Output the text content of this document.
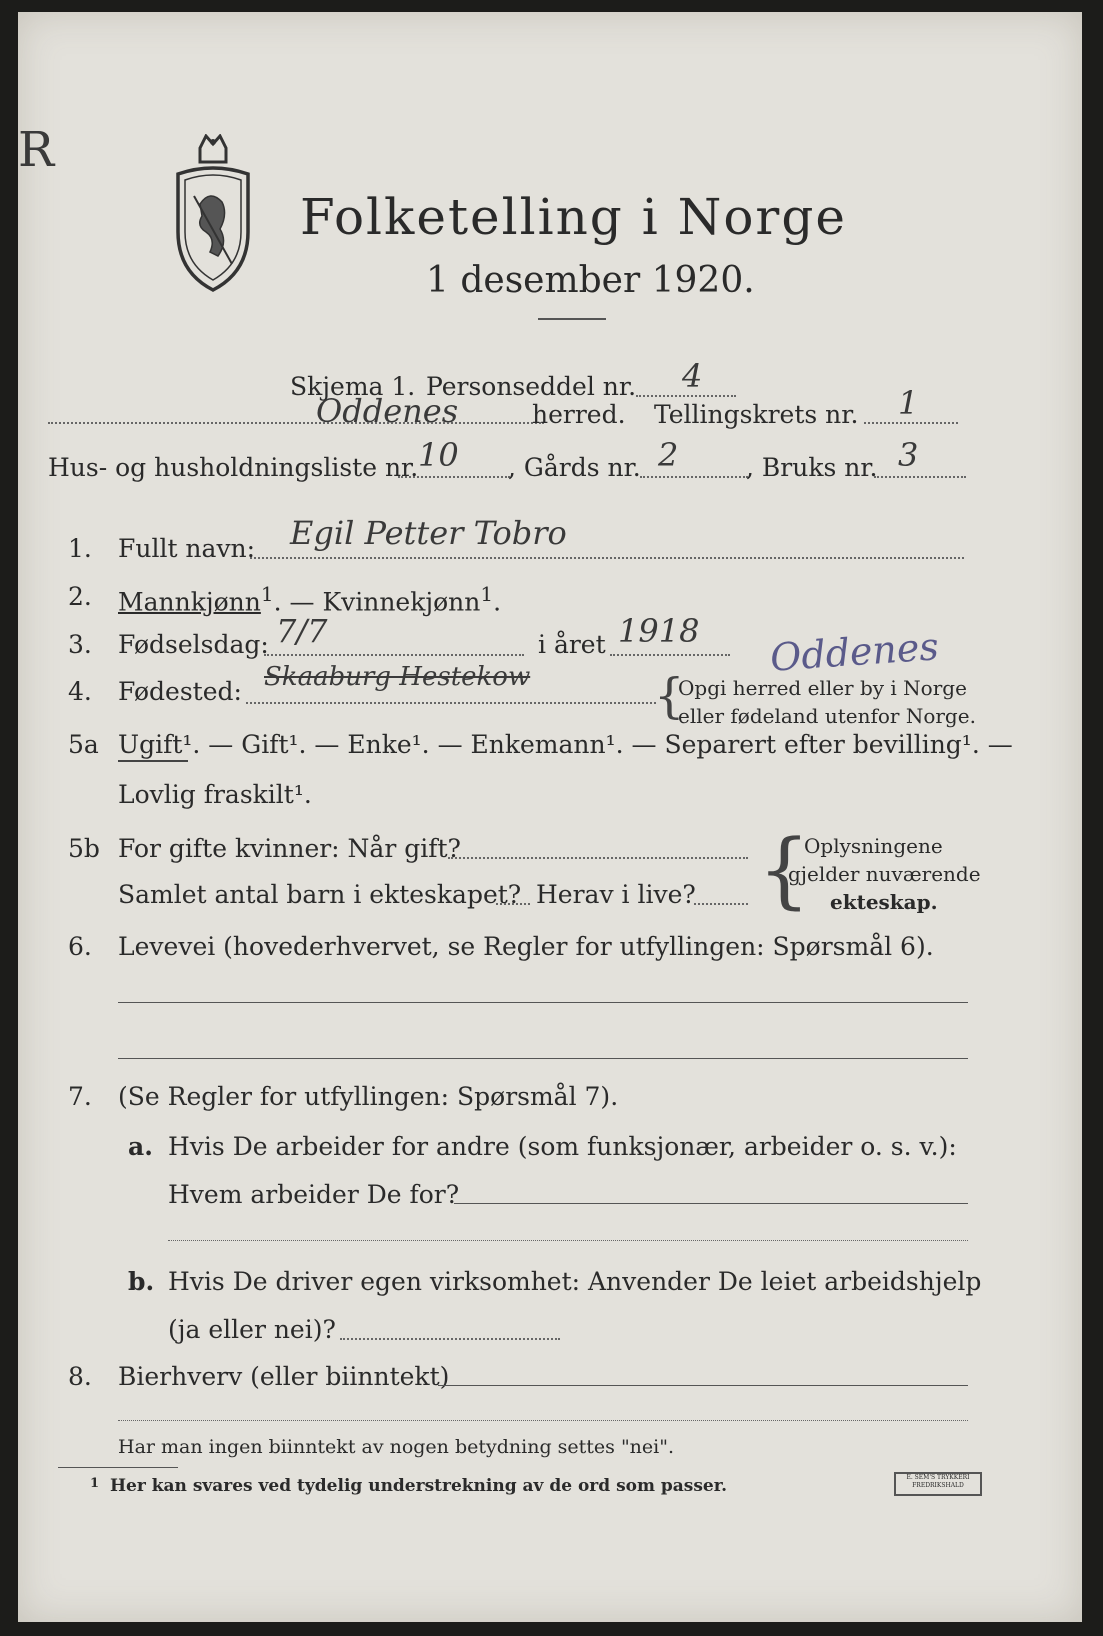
R
Folketelling i Norge
1 desember 1920.
Skjema 1. Personseddel nr. 4
Oddenes	herred. Tellingskrets nr. 1
Hus- og husholdningsliste nr. 10 , Gårds nr. 2	, Bruks nr. 3
1. Fullt navn: Egil Petter Tobro
2. Mannkjønn$^1$. — Kvinnekjønn$^1$.
3. Fødselsdag: 7/7	i året 1918 Oddenes
4. Fødested: Skaaburg Hestekow	{
Opgi herred eller by i Norge
eller fødeland utenfor Norge.
5a Ugift¹. — Gift¹. — Enke¹. — Enkemann¹. — Separert efter bevilling¹. —
Lovlig fraskilt¹.
5b For gifte kvinner: Når gift?
Samlet antal barn i ekteskapet? Herav i live? {
Oplysningene
gjelder nuværende
ekteskap.
6. Levevei (hovederhvervet, se Regler for utfyllingen: Spørsmål 6).
7. (Se Regler for utfyllingen: Spørsmål 7).
a. Hvis De arbeider for andre (som funksjonær, arbeider o. s. v.):
Hvem arbeider De for?
b. Hvis De driver egen virksomhet: Anvender De leiet arbeidshjelp
(ja eller nei)?
8. Bierhverv (eller biinntekt)
Har man ingen biinntekt av nogen betydning settes "nei".
1 Her kan svares ved tydelig understrekning av de ord som passer.	E. SEM'S TRYKKERI FREDRIKSHALD
